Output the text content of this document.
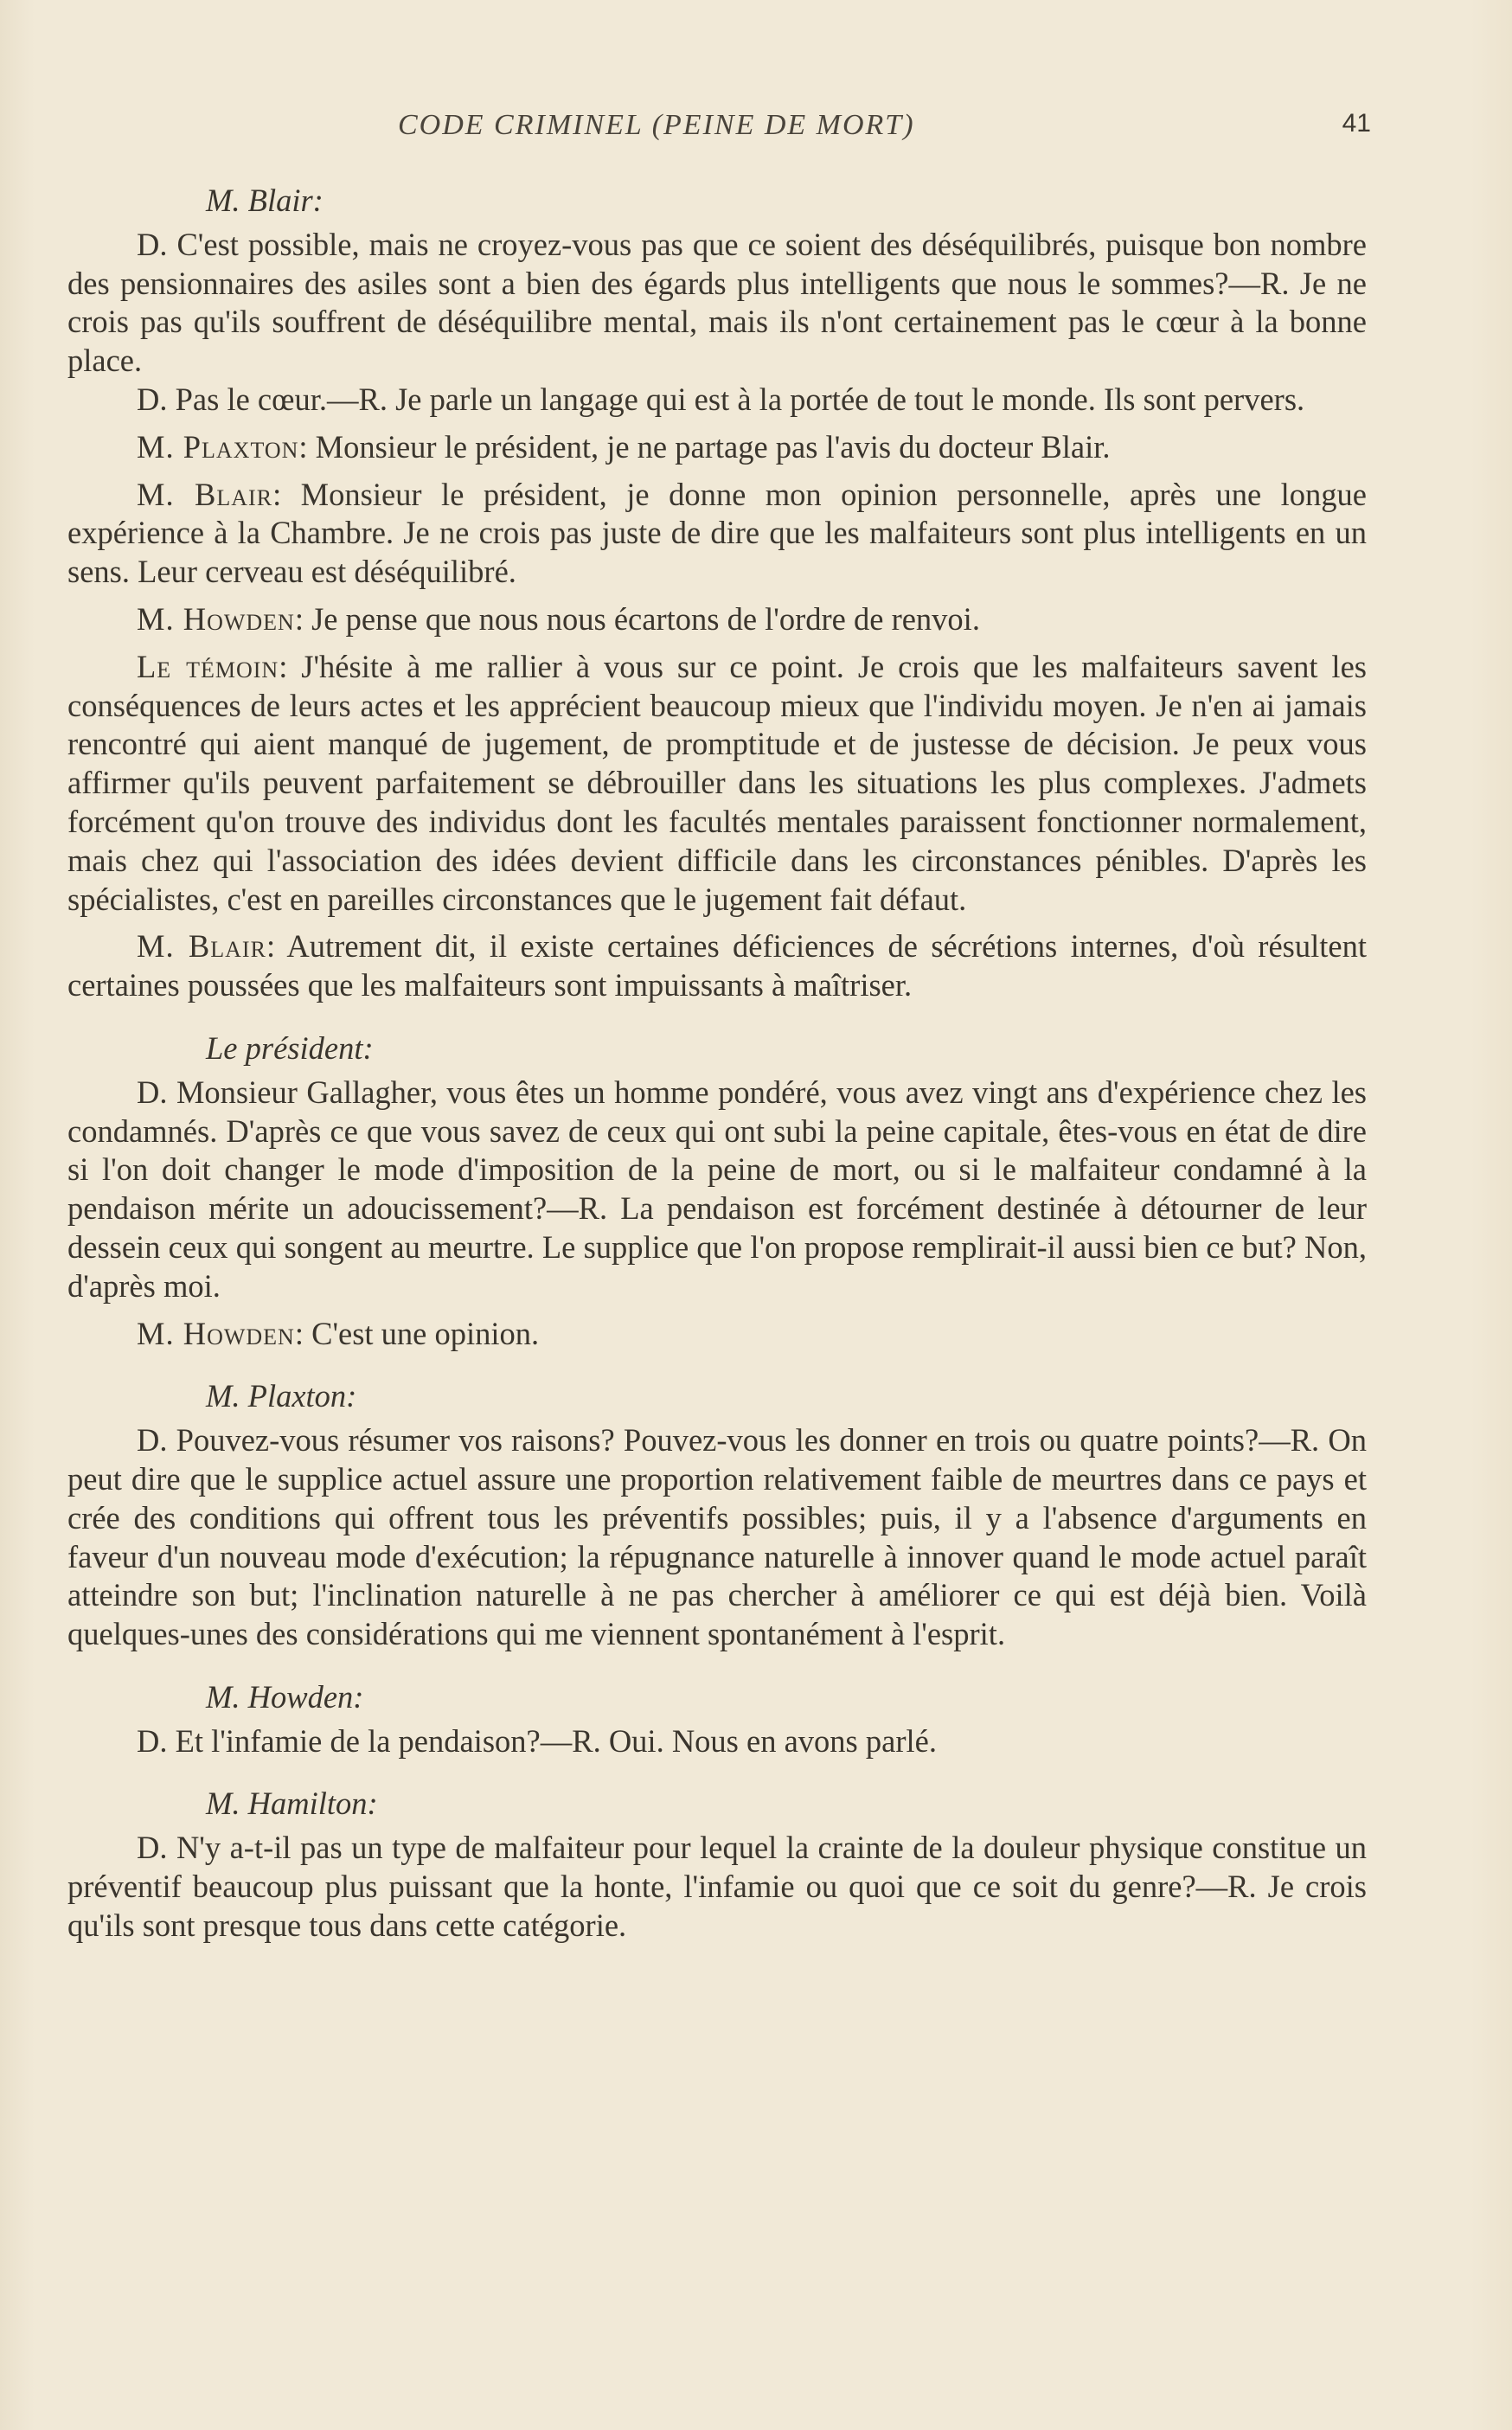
CODE CRIMINEL (PEINE DE MORT)	41

M. Blair:

D. C'est possible, mais ne croyez-vous pas que ce soient des déséquilibrés, puisque bon nombre des pensionnaires des asiles sont a bien des égards plus intelligents que nous le sommes?—R. Je ne crois pas qu'ils souffrent de déséquilibre mental, mais ils n'ont certainement pas le cœur à la bonne place.

D. Pas le cœur.—R. Je parle un langage qui est à la portée de tout le monde. Ils sont pervers.

M. Plaxton: Monsieur le président, je ne partage pas l'avis du docteur Blair.

M. Blair: Monsieur le président, je donne mon opinion personnelle, après une longue expérience à la Chambre. Je ne crois pas juste de dire que les malfaiteurs sont plus intelligents en un sens. Leur cerveau est déséquilibré.

M. Howden: Je pense que nous nous écartons de l'ordre de renvoi.

Le témoin: J'hésite à me rallier à vous sur ce point. Je crois que les malfaiteurs savent les conséquences de leurs actes et les apprécient beaucoup mieux que l'individu moyen. Je n'en ai jamais rencontré qui aient manqué de jugement, de promptitude et de justesse de décision. Je peux vous affirmer qu'ils peuvent parfaitement se débrouiller dans les situations les plus complexes. J'admets forcément qu'on trouve des individus dont les facultés mentales paraissent fonctionner normalement, mais chez qui l'association des idées devient difficile dans les circonstances pénibles. D'après les spécialistes, c'est en pareilles circonstances que le jugement fait défaut.

M. Blair: Autrement dit, il existe certaines déficiences de sécrétions internes, d'où résultent certaines poussées que les malfaiteurs sont impuissants à maîtriser.

Le président:

D. Monsieur Gallagher, vous êtes un homme pondéré, vous avez vingt ans d'expérience chez les condamnés. D'après ce que vous savez de ceux qui ont subi la peine capitale, êtes-vous en état de dire si l'on doit changer le mode d'imposition de la peine de mort, ou si le malfaiteur condamné à la pendaison mérite un adoucissement?—R. La pendaison est forcément destinée à détourner de leur dessein ceux qui songent au meurtre. Le supplice que l'on propose remplirait-il aussi bien ce but? Non, d'après moi.

M. Howden: C'est une opinion.

M. Plaxton:

D. Pouvez-vous résumer vos raisons? Pouvez-vous les donner en trois ou quatre points?—R. On peut dire que le supplice actuel assure une proportion relativement faible de meurtres dans ce pays et crée des conditions qui offrent tous les préventifs possibles; puis, il y a l'absence d'arguments en faveur d'un nouveau mode d'exécution; la répugnance naturelle à innover quand le mode actuel paraît atteindre son but; l'inclination naturelle à ne pas chercher à améliorer ce qui est déjà bien. Voilà quelques-unes des considérations qui me viennent spontanément à l'esprit.

M. Howden:

D. Et l'infamie de la pendaison?—R. Oui. Nous en avons parlé.

M. Hamilton:

D. N'y a-t-il pas un type de malfaiteur pour lequel la crainte de la douleur physique constitue un préventif beaucoup plus puissant que la honte, l'infamie ou quoi que ce soit du genre?—R. Je crois qu'ils sont presque tous dans cette catégorie.
